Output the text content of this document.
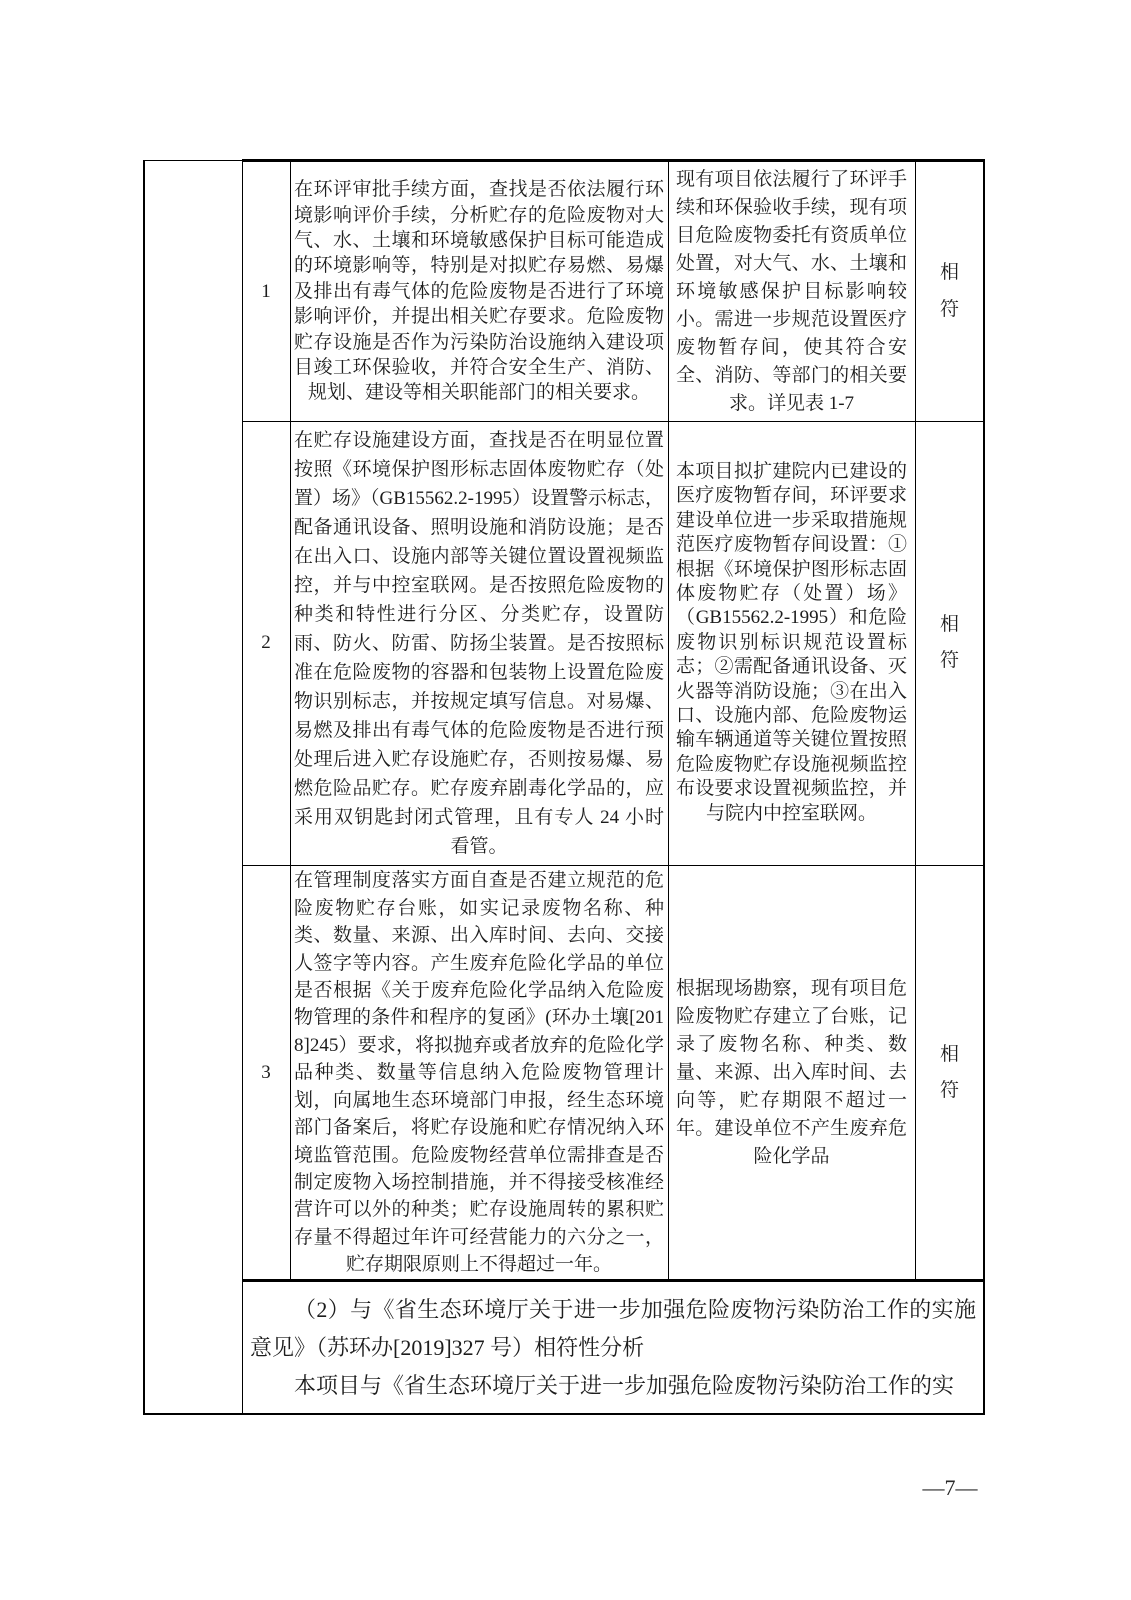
1
在环评审批手续方面，查找是否依法履行环境影响评价手续，分析贮存的危险废物对大气、水、土壤和环境敏感保护目标可能造成的环境影响等，特别是对拟贮存易燃、易爆及排出有毒气体的危险废物是否进行了环境影响评价，并提出相关贮存要求。危险废物贮存设施是否作为污染防治设施纳入建设项目竣工环保验收，并符合安全生产、消防、规划、建设等相关职能部门的相关要求。
现有项目依法履行了环评手续和环保验收手续，现有项目危险废物委托有资质单位处置，对大气、水、土壤和环境敏感保护目标影响较小。需进一步规范设置医疗废物暂存间，使其符合安全、消防、等部门的相关要求。详见表 1-7
相符
2
在贮存设施建设方面，查找是否在明显位置按照《环境保护图形标志固体废物贮存（处置）场》（GB15562.2-1995）设置警示标志，配备通讯设备、照明设施和消防设施；是否在出入口、设施内部等关键位置设置视频监控，并与中控室联网。是否按照危险废物的种类和特性进行分区、分类贮存，设置防雨、防火、防雷、防扬尘装置。是否按照标准在危险废物的容器和包装物上设置危险废物识别标志，并按规定填写信息。对易爆、易燃及排出有毒气体的危险废物是否进行预处理后进入贮存设施贮存，否则按易爆、易燃危险品贮存。贮存废弃剧毒化学品的，应采用双钥匙封闭式管理，且有专人 24 小时看管。
本项目拟扩建院内已建设的医疗废物暂存间，环评要求建设单位进一步采取措施规范医疗废物暂存间设置：①根据《环境保护图形标志固体废物贮存（处置）场》（GB15562.2-1995）和危险废物识别标识规范设置标志；②需配备通讯设备、灭火器等消防设施；③在出入口、设施内部、危险废物运输车辆通道等关键位置按照危险废物贮存设施视频监控布设要求设置视频监控，并与院内中控室联网。
相符
3
在管理制度落实方面自查是否建立规范的危险废物贮存台账，如实记录废物名称、种类、数量、来源、出入库时间、去向、交接人签字等内容。产生废弃危险化学品的单位是否根据《关于废弃危险化学品纳入危险废物管理的条件和程序的复函》(环办土壤[2018]245）要求，将拟抛弃或者放弃的危险化学品种类、数量等信息纳入危险废物管理计划，向属地生态环境部门申报，经生态环境部门备案后，将贮存设施和贮存情况纳入环境监管范围。危险废物经营单位需排查是否制定废物入场控制措施，并不得接受核准经营许可以外的种类；贮存设施周转的累积贮存量不得超过年许可经营能力的六分之一，贮存期限原则上不得超过一年。
根据现场勘察，现有项目危险废物贮存建立了台账，记录了废物名称、种类、数量、来源、出入库时间、去向等，贮存期限不超过一年。建设单位不产生废弃危险化学品
相符

（2）与《省生态环境厅关于进一步加强危险废物污染防治工作的实施意见》（苏环办[2019]327 号）相符性分析

本项目与《省生态环境厅关于进一步加强危险废物污染防治工作的实

—7—
